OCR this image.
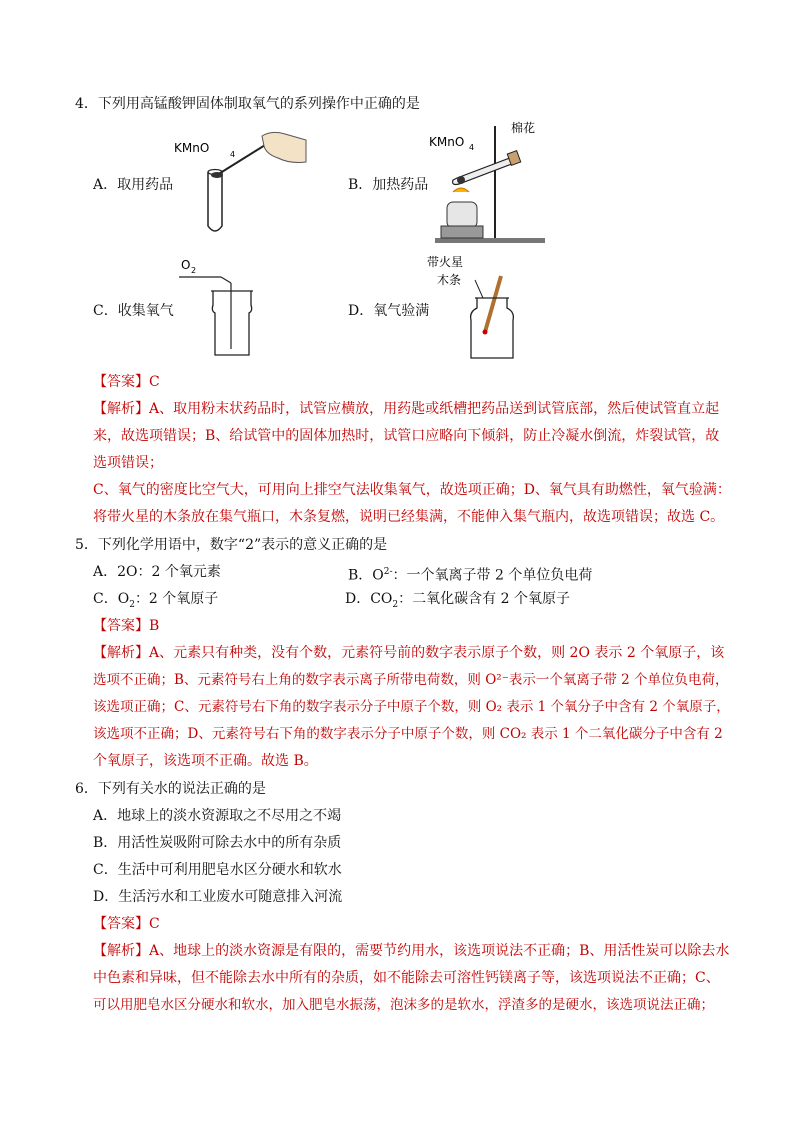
4．下列用高锰酸钾固体制取氧气的系列操作中正确的是
KMnO	4
A．取用药品
KMnO 4
棉花
B．加热药品
O 2
C．收集氧气
带火星
木条
D．氧气验满
【答案】C
【解析】A、取用粉末状药品时，试管应横放，用药匙或纸槽把药品送到试管底部，然后使试管直立起
来，故选项错误；B、给试管中的固体加热时，试管口应略向下倾斜，防止冷凝水倒流，炸裂试管，故
选项错误；
C、氧气的密度比空气大，可用向上排空气法收集氧气，故选项正确；D、氧气具有助燃性，氧气验满：
将带火星的木条放在集气瓶口，木条复燃，说明已经集满，不能伸入集气瓶内，故选项错误；故选 C。
5．下列化学用语中，数字“2”表示的意义正确的是
A．2O：2 个氧元素	B．$O^{2-}$：一个氧离子带 2 个单位负电荷
C．$O_2$：2 个氧原子	D．$CO_2$：二氧化碳含有 2 个氧原子
【答案】B
【解析】A、元素只有种类，没有个数，元素符号前的数字表示原子个数，则 2O 表示 2 个氧原子，该
选项不正确；B、元素符号右上角的数字表示离子所带电荷数，则 O²⁻表示一个氧离子带 2 个单位负电荷，
该选项正确；C、元素符号右下角的数字表示分子中原子个数，则 O₂ 表示 1 个氧分子中含有 2 个氧原子，
该选项不正确；D、元素符号右下角的数字表示分子中原子个数，则 CO₂ 表示 1 个二氧化碳分子中含有 2
个氧原子，该选项不正确。故选 B。
6．下列有关水的说法正确的是
A．地球上的淡水资源取之不尽用之不竭
B．用活性炭吸附可除去水中的所有杂质
C．生活中可利用肥皂水区分硬水和软水
D．生活污水和工业废水可随意排入河流
【答案】C
【解析】A、地球上的淡水资源是有限的，需要节约用水，该选项说法不正确；B、用活性炭可以除去水
中色素和异味，但不能除去水中所有的杂质，如不能除去可溶性钙镁离子等，该选项说法不正确；C、
可以用肥皂水区分硬水和软水，加入肥皂水振荡，泡沫多的是软水，浮渣多的是硬水，该选项说法正确；
